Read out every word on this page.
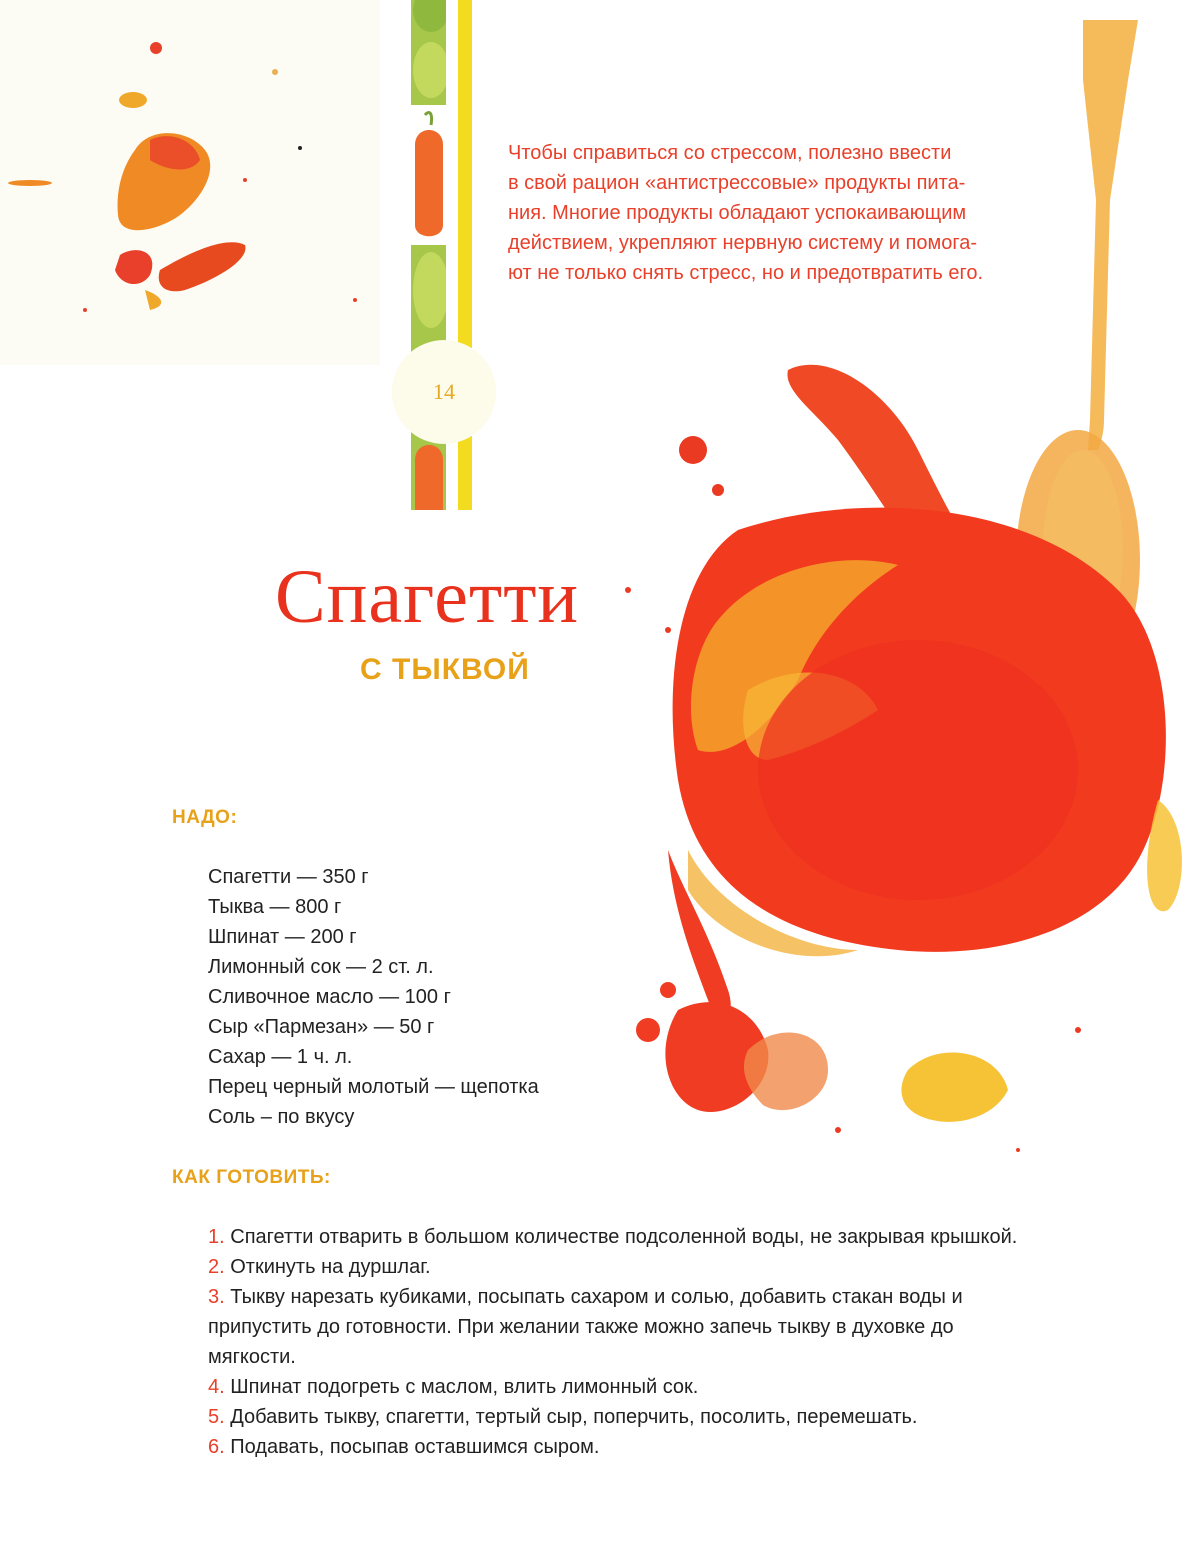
14

Чтобы справиться со стрессом, полезно ввести
в свой рацион «антистрессовые» продукты пита-
ния. Многие продукты обладают успокаивающим
действием, укрепляют нервную систему и помога-
ют не только снять стресс, но и предотвратить его.

Спагетти
С ТЫКВОЙ
НАДО:
Спагетти — 350 г
Тыква — 800 г
Шпинат — 200 г
Лимонный сок — 2 ст. л.
Сливочное масло — 100 г
Сыр «Пармезан» — 50 г
Сахар — 1 ч. л.
Перец черный молотый — щепотка
Соль – по вкусу
КАК ГОТОВИТЬ:
1. Спагетти отварить в большом количестве подсоленной воды, не закрывая крышкой.
2. Откинуть на дуршлаг.
3. Тыкву нарезать кубиками, посыпать сахаром и солью, добавить стакан воды и
припустить до готовности. При желании также можно запечь тыкву в духовке до
мягкости.
4. Шпинат подогреть с маслом, влить лимонный сок.
5. Добавить тыкву, спагетти, тертый сыр, поперчить, посолить, перемешать.
6. Подавать, посыпав оставшимся сыром.
